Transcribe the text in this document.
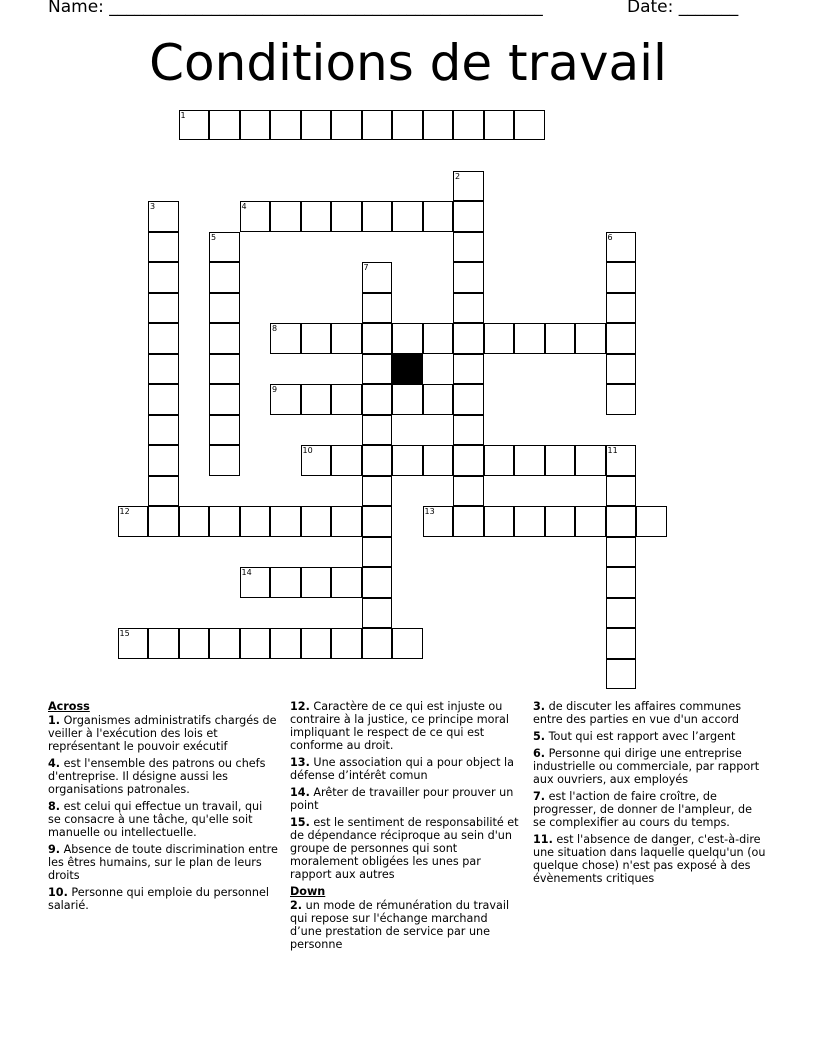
Name: ___________________________________________________	Date: _______
Conditions de travail
1
2
3	4
5	6
7
8
9
10	11
12	13
14
15
Across
1. Organismes administratifs chargés de veiller à l'exécution des lois et représentant le pouvoir exécutif
4. est l'ensemble des patrons ou chefs d'entreprise. Il désigne aussi les organisations patronales.
8. est celui qui effectue un travail, qui se consacre à une tâche, qu'elle soit manuelle ou intellectuelle.
9. Absence de toute discrimination entre les êtres humains, sur le plan de leurs droits
10. Personne qui emploie du personnel salarié.
12. Caractère de ce qui est injuste ou contraire à la justice, ce principe moral impliquant le respect de ce qui est conforme au droit.
13. Une association qui a pour object la défense d’intérêt comun
14. Arêter de travailler pour prouver un point
15. est le sentiment de responsabilité et de dépendance réciproque au sein d'un groupe de personnes qui sont moralement obligées les unes par rapport aux autres
Down
2. un mode de rémunération du travail qui repose sur l'échange marchand d’une prestation de service par une personne
3. de discuter les affaires communes entre des parties en vue d'un accord
5. Tout qui est rapport avec l’argent
6. Personne qui dirige une entreprise industrielle ou commerciale, par rapport aux ouvriers, aux employés
7. est l'action de faire croître, de progresser, de donner de l'ampleur, de se complexifier au cours du temps.
11. est l'absence de danger, c'est-à-dire une situation dans laquelle quelqu'un (ou quelque chose) n'est pas exposé à des évènements critiques
